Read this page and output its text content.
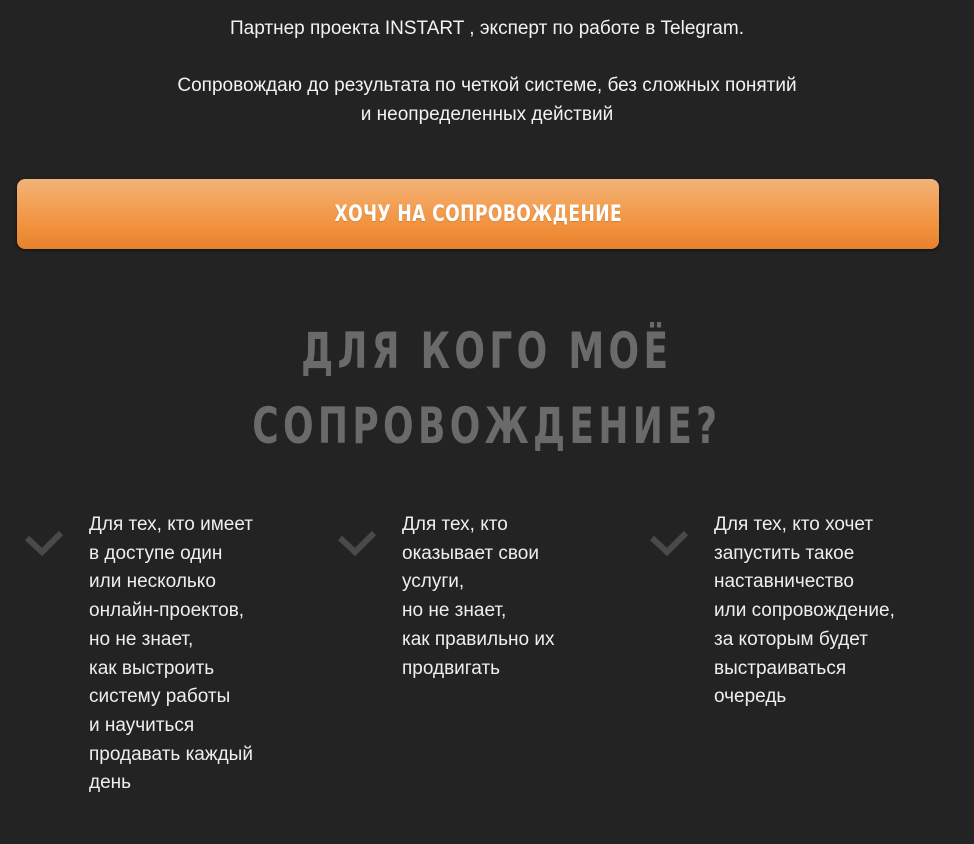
Партнер проекта INSTART , эксперт по работе в Telegram.
Сопровождаю до результата по четкой системе, без сложных понятий
и неопределенных действий
ХОЧУ НА СОПРОВОЖДЕНИЕ
ДЛЯ КОГО МОЁ
СОПРОВОЖДЕНИЕ?
Для тех, кто имеет
в доступе один
или несколько
онлайн-проектов,
но не знает,
как выстроить
систему работы
и научиться
продавать каждый
день
Для тех, кто
оказывает свои
услуги,
но не знает,
как правильно их
продвигать
Для тех, кто хочет
запустить такое
наставничество
или сопровождение,
за которым будет
выстраиваться
очередь
